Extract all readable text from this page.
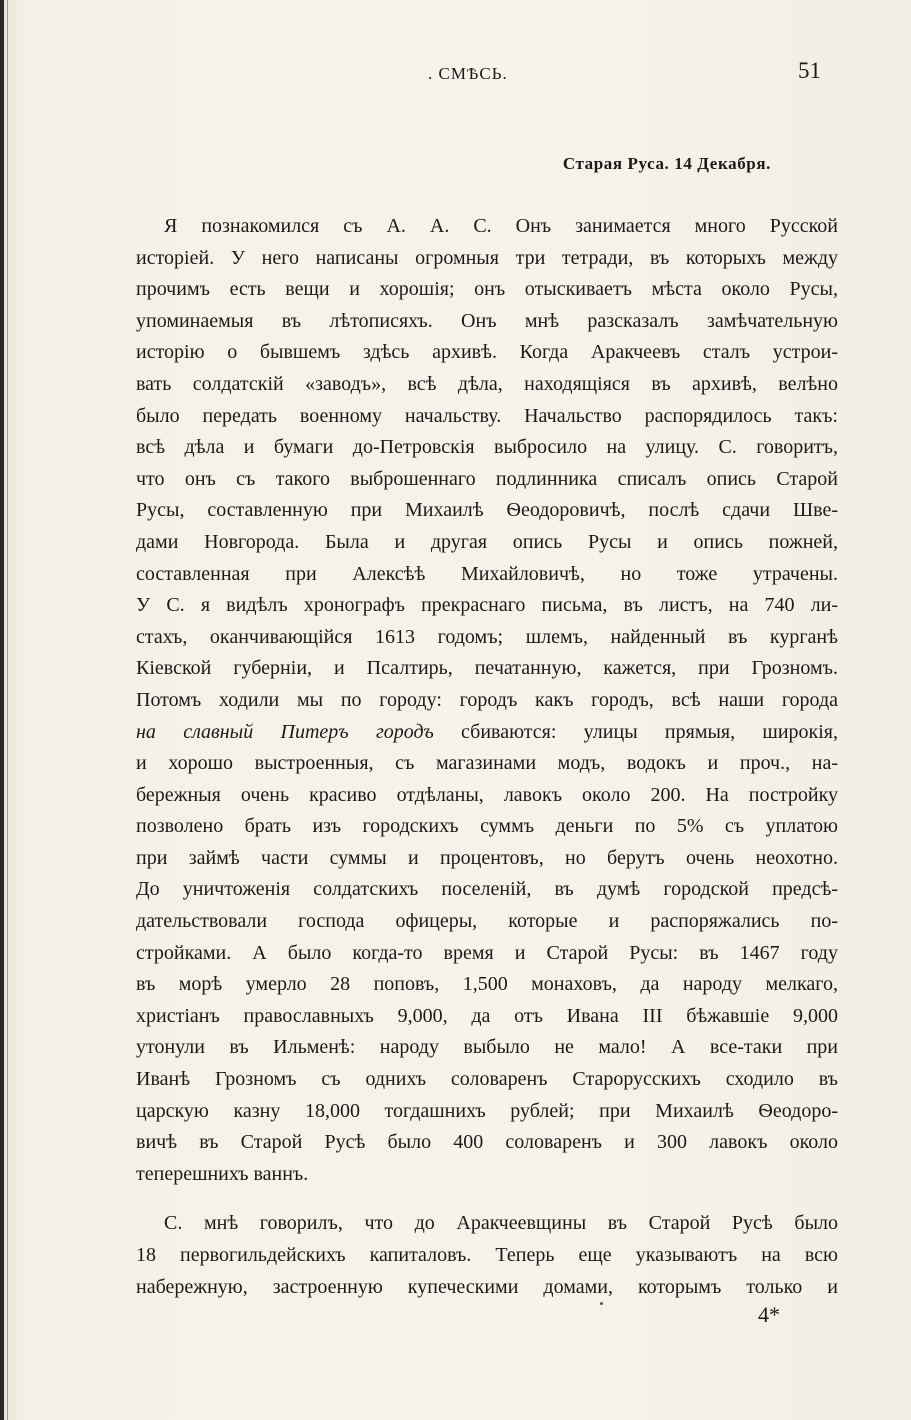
. СМѢСЬ.	51
Старая Руса. 14 Декабря.
Я познакомился съ А. А. С. Онъ занимается много Русской
исторіей. У него написаны огромныя три тетради, въ которыхъ между
прочимъ есть вещи и хорошія; онъ отыскиваетъ мѣста около Русы,
упоминаемыя въ лѣтописяхъ. Онъ мнѣ разсказалъ замѣчательную
исторію о бывшемъ здѣсь архивѣ. Когда Аракчеевъ сталъ устрои-
вать солдатскій «заводъ», всѣ дѣла, находящіяся въ архивѣ, велѣно
было передать военному начальству. Начальство распорядилось такъ:
всѣ дѣла и бумаги до-Петровскія выбросило на улицу. С. говоритъ,
что онъ съ такого выброшеннаго подлинника списалъ опись Старой
Русы, составленную при Михаилѣ Ѳеодоровичѣ, послѣ сдачи Шве-
дами Новгорода. Была и другая опись Русы и опись пожней,
составленная при Алексѣѣ Михайловичѣ, но тоже утрачены.
У С. я видѣлъ хронографъ прекраснаго письма, въ листъ, на 740 ли-
стахъ, оканчивающійся 1613 годомъ; шлемъ, найденный въ курганѣ
Кіевской губерніи, и Псалтирь, печатанную, кажется, при Грозномъ.
Потомъ ходили мы по городу: городъ какъ городъ, всѣ наши города
на славный Питеръ городъ сбиваются: улицы прямыя, широкія,
и хорошо выстроенныя, съ магазинами модъ, водокъ и проч., на-
бережныя очень красиво отдѣланы, лавокъ около 200. На постройку
позволено брать изъ городскихъ суммъ деньги по 5% съ уплатою
при займѣ части суммы и процентовъ, но берутъ очень неохотно.
До уничтоженія солдатскихъ поселеній, въ думѣ городской предсѣ-
дательствовали господа офицеры, которые и распоряжались по-
стройками. А было когда-то время и Старой Русы: въ 1467 году
въ морѣ умерло 28 поповъ, 1,500 монаховъ, да народу мелкаго,
христіанъ православныхъ 9,000, да отъ Ивана III бѣжавшіе 9,000
утонули въ Ильменѣ: народу выбыло не мало! А все-таки при
Иванѣ Грозномъ съ однихъ соловаренъ Старорусскихъ сходило въ
царскую казну 18,000 тогдашнихъ рублей; при Михаилѣ Ѳеодоро-
вичѣ въ Старой Русѣ было 400 соловаренъ и 300 лавокъ около
теперешнихъ ваннъ.
С. мнѣ говорилъ, что до Аракчеевщины въ Старой Русѣ было
18 первогильдейскихъ капиталовъ. Теперь еще указываютъ на всю
набережную, застроенную купеческими домами, которымъ только и
4*
